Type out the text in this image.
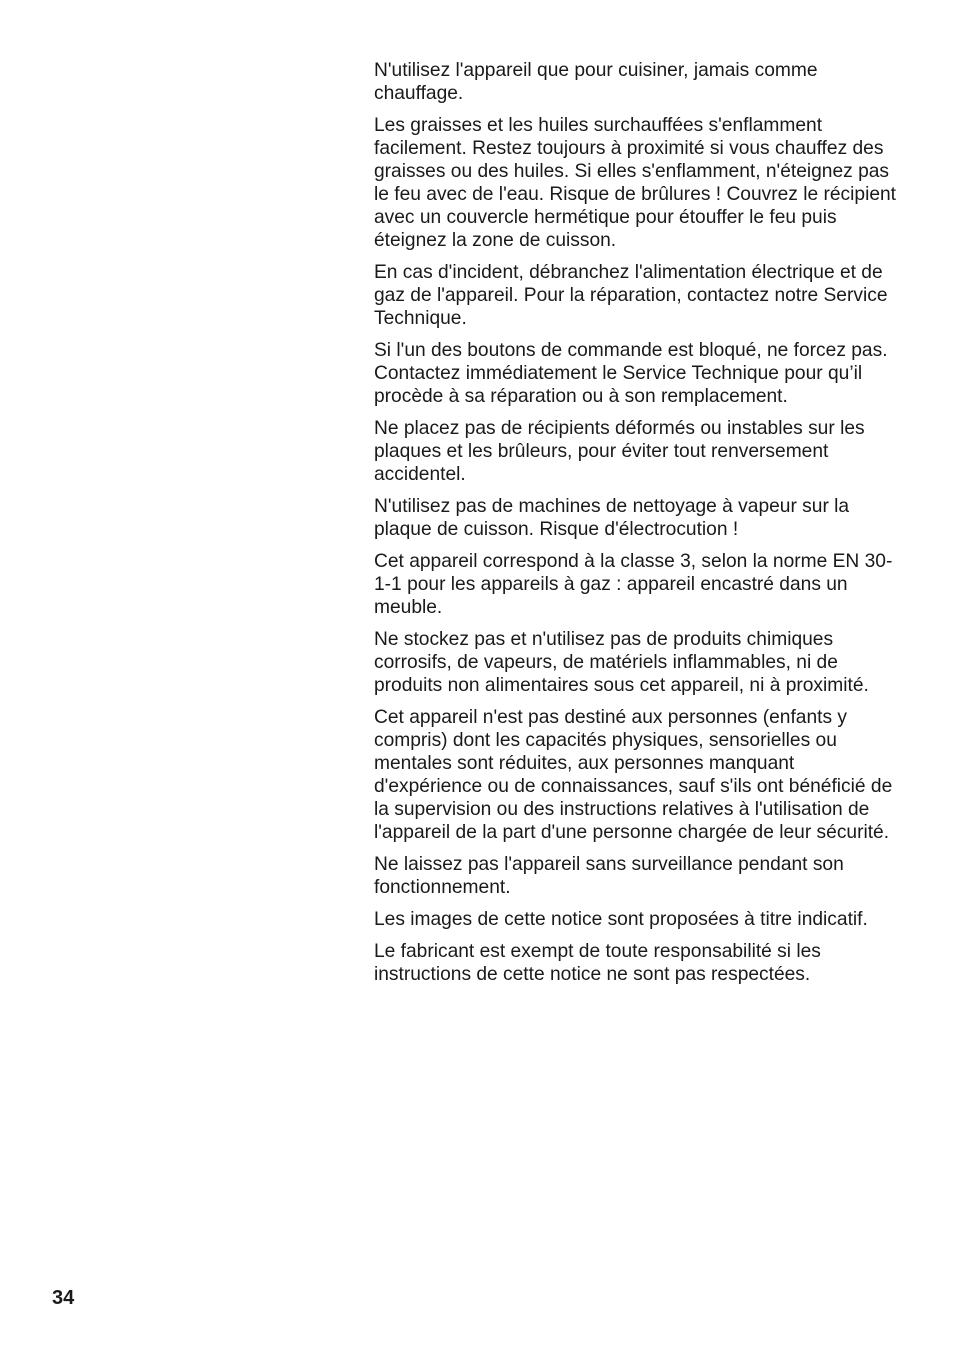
N'utilisez l'appareil que pour cuisiner, jamais comme chauffage.

Les graisses et les huiles surchauffées s'enflamment facilement. Restez toujours à proximité si vous chauffez des graisses ou des huiles. Si elles s'enflamment, n'éteignez pas le feu avec de l'eau. Risque de brûlures ! Couvrez le récipient avec un couvercle hermétique pour étouffer le feu puis éteignez la zone de cuisson.

En cas d'incident, débranchez l'alimentation électrique et de gaz de l'appareil. Pour la réparation, contactez notre Service Technique.

Si l'un des boutons de commande est bloqué, ne forcez pas. Contactez immédiatement le Service Technique pour qu’il procède à sa réparation ou à son remplacement.

Ne placez pas de récipients déformés ou instables sur les plaques et les brûleurs, pour éviter tout renversement accidentel.

N'utilisez pas de machines de nettoyage à vapeur sur la plaque de cuisson. Risque d'électrocution !

Cet appareil correspond à la classe 3, selon la norme EN 30-1-1 pour les appareils à gaz : appareil encastré dans un meuble.

Ne stockez pas et n'utilisez pas de produits chimiques corrosifs, de vapeurs, de matériels inflammables, ni de produits non alimentaires sous cet appareil, ni à proximité.

Cet appareil n'est pas destiné aux personnes (enfants y compris) dont les capacités physiques, sensorielles ou mentales sont réduites, aux personnes manquant d'expérience ou de connaissances, sauf s'ils ont bénéficié de la supervision ou des instructions relatives à l'utilisation de l'appareil de la part d'une personne chargée de leur sécurité.

Ne laissez pas l'appareil sans surveillance pendant son fonctionnement.

Les images de cette notice sont proposées à titre indicatif.

Le fabricant est exempt de toute responsabilité si les instructions de cette notice ne sont pas respectées.

34
